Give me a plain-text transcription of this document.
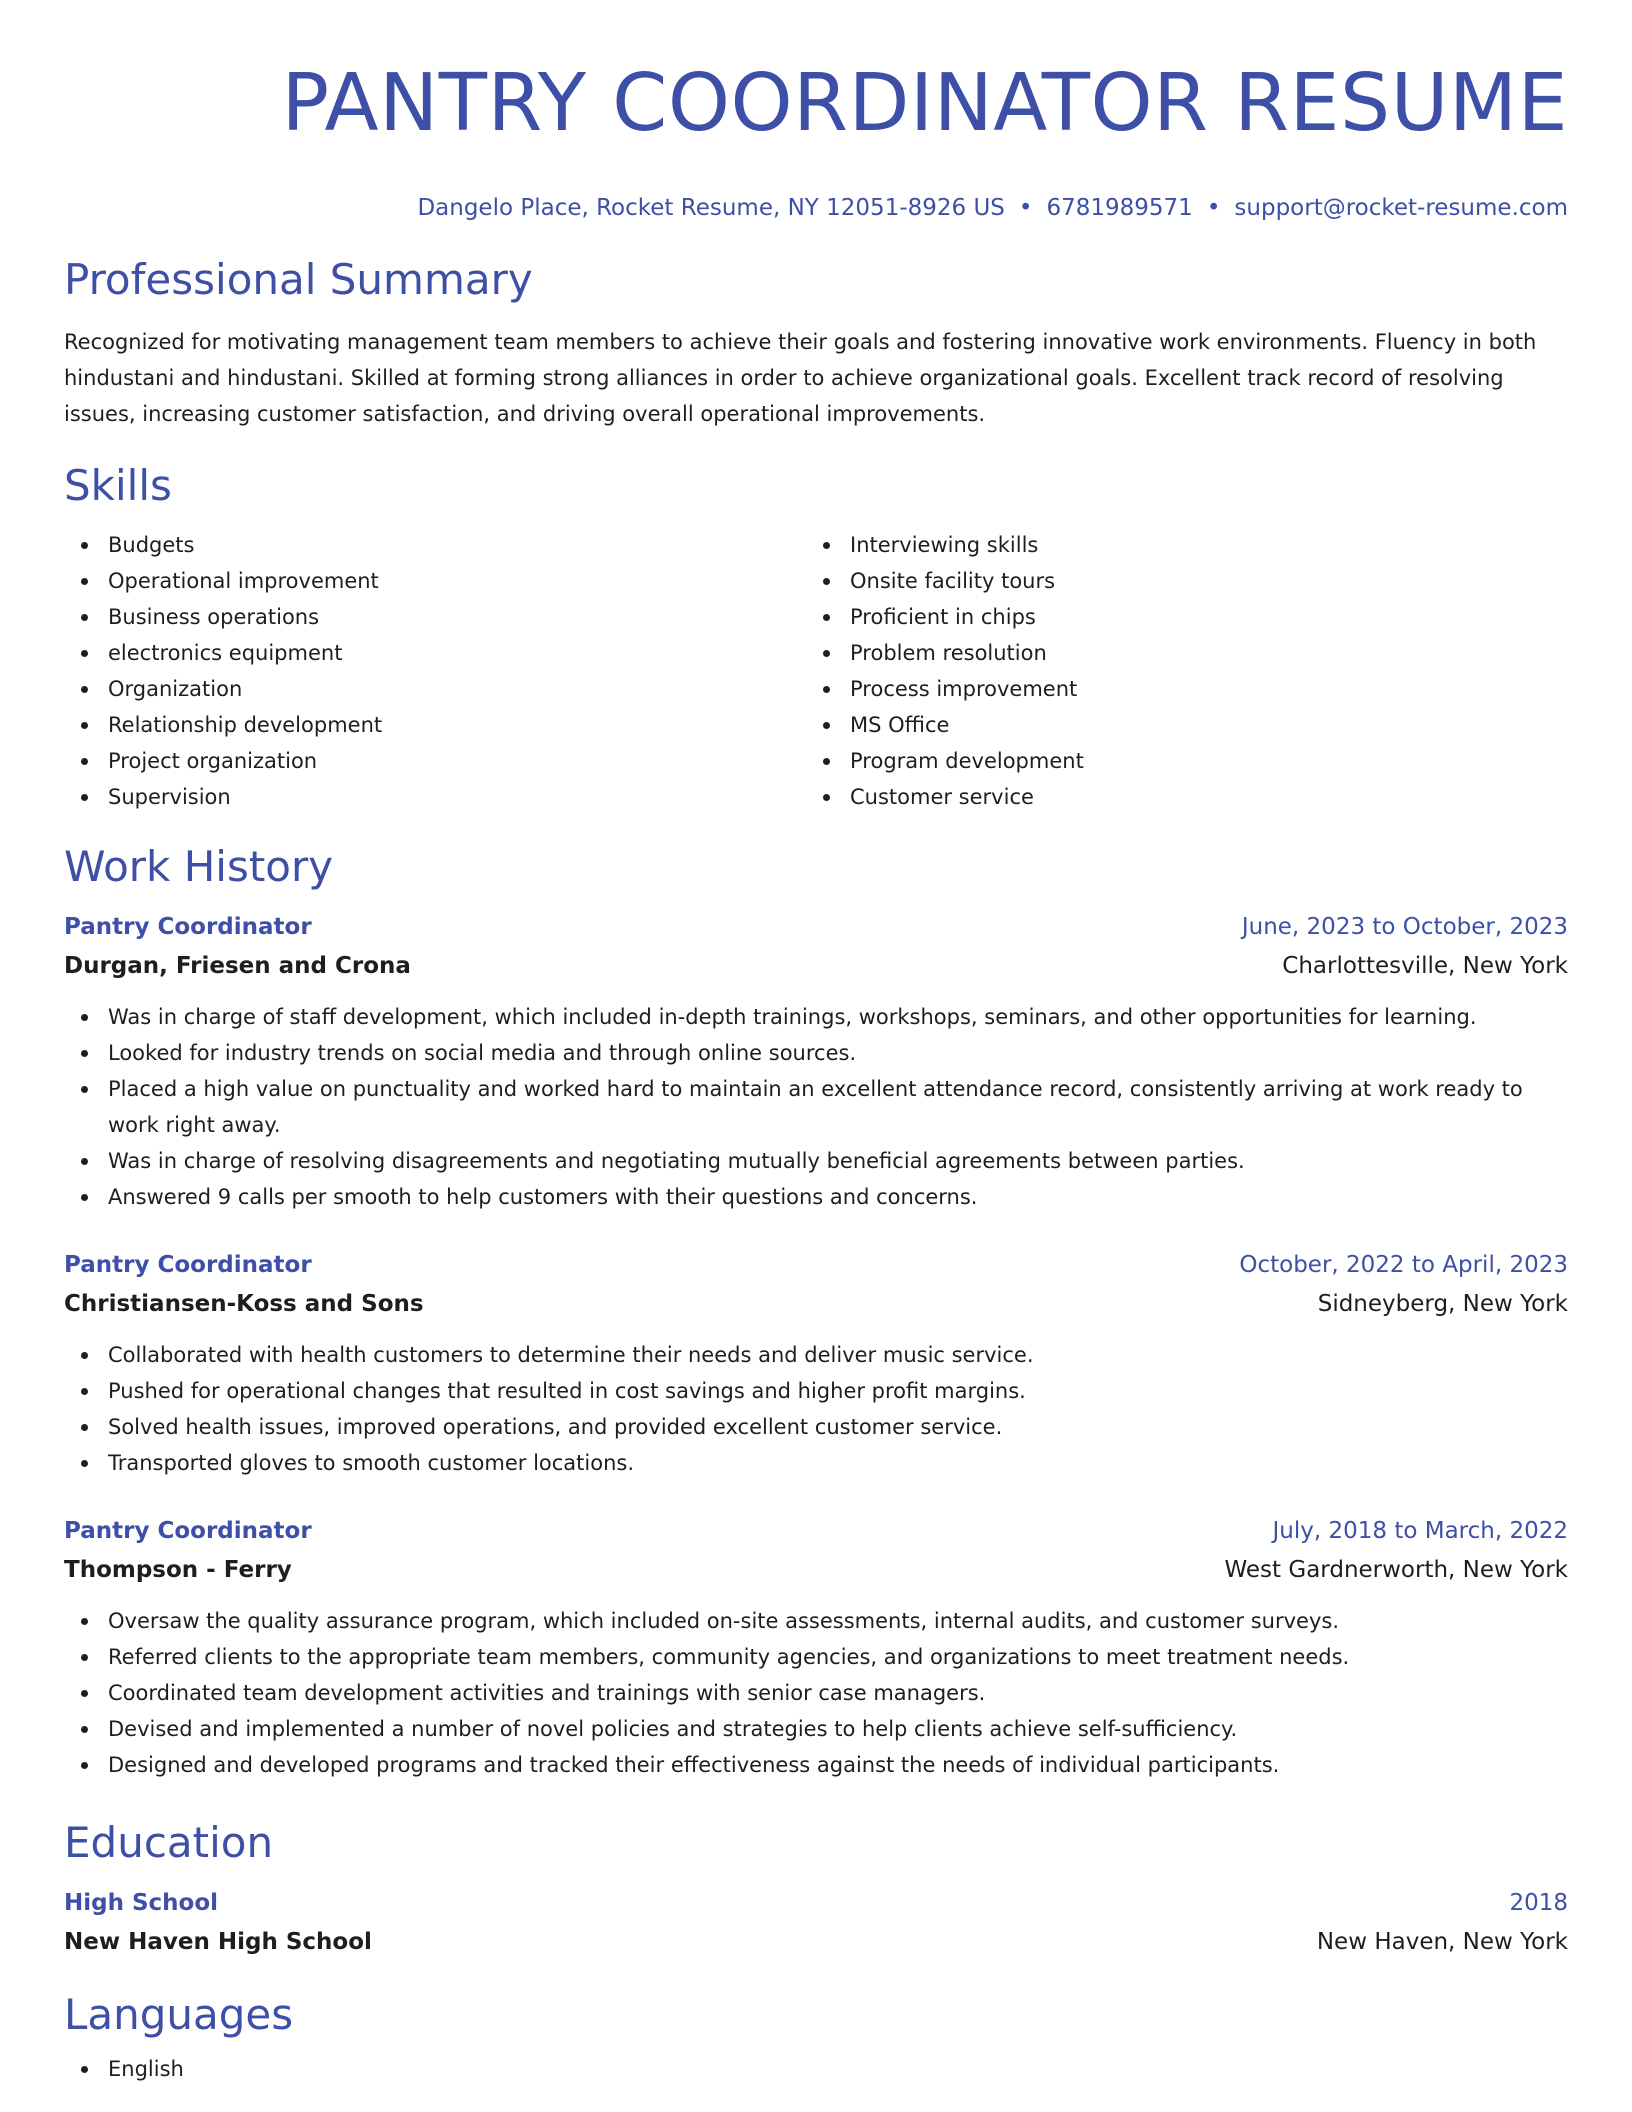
PANTRY COORDINATOR RESUME
Dangelo Place, Rocket Resume, NY 12051-8926 US • 6781989571 • support@rocket-resume.com
Professional Summary

Recognized for motivating management team members to achieve their goals and fostering innovative work environments. Fluency in both hindustani and hindustani. Skilled at forming strong alliances in order to achieve organizational goals. Excellent track record of resolving issues, increasing customer satisfaction, and driving overall operational improvements.

Skills
Budgets
Operational improvement
Business operations
electronics equipment
Organization
Relationship development
Project organization
Supervision
Interviewing skills
Onsite facility tours
Proficient in chips
Problem resolution
Process improvement
MS Office
Program development
Customer service
Work History
Pantry Coordinator	June, 2023 to October, 2023
Durgan, Friesen and Crona	Charlottesville, New York
Was in charge of staff development, which included in-depth trainings, workshops, seminars, and other opportunities for learning.
Looked for industry trends on social media and through online sources.
Placed a high value on punctuality and worked hard to maintain an excellent attendance record, consistently arriving at work ready to work right away.
Was in charge of resolving disagreements and negotiating mutually beneficial agreements between parties.
Answered 9 calls per smooth to help customers with their questions and concerns.
Pantry Coordinator	October, 2022 to April, 2023
Christiansen-Koss and Sons	Sidneyberg, New York
Collaborated with health customers to determine their needs and deliver music service.
Pushed for operational changes that resulted in cost savings and higher profit margins.
Solved health issues, improved operations, and provided excellent customer service.
Transported gloves to smooth customer locations.
Pantry Coordinator	July, 2018 to March, 2022
Thompson - Ferry	West Gardnerworth, New York
Oversaw the quality assurance program, which included on-site assessments, internal audits, and customer surveys.
Referred clients to the appropriate team members, community agencies, and organizations to meet treatment needs.
Coordinated team development activities and trainings with senior case managers.
Devised and implemented a number of novel policies and strategies to help clients achieve self-sufficiency.
Designed and developed programs and tracked their effectiveness against the needs of individual participants.
Education
High School	2018
New Haven High School	New Haven, New York
Languages
English
